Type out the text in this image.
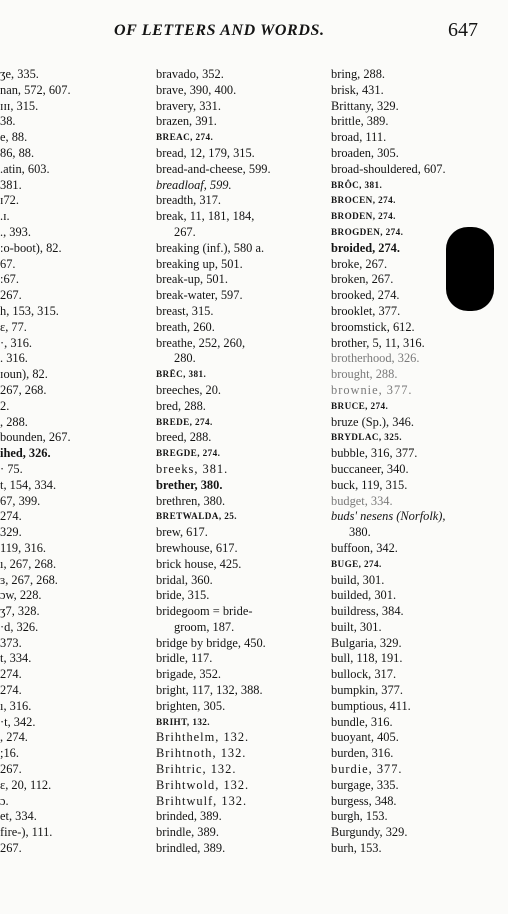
OF LETTERS AND WORDS.	647
ʒe, 335.
nan, 572, 607.
ɪɪɪ, 315.
38.
e, 88.
86, 88.
.atin, 603.
381.
ɪ72.
.ɪ.
., 393.
:o-boot), 82.
67.
:67.
267.
h, 153, 315.
ɛ, 77.
·, 316.
. 316.
ɪoun), 82.
267, 268.
2.
, 288.
bounden, 267.
ihed, 326.
· 75.
t, 154, 334.
67, 399.
274.
329.
119, 316.
ı, 267, 268.
ɜ, 267, 268.
ɔw, 228.
ʒ7, 328.
·d, 326.
373.
t, 334.
274.
274.
ı, 316.
·t, 342.
, 274.
;16.
267.
ɛ, 20, 112.
ɔ.
et, 334.
fire-), 111.
267.
bravado, 352.
brave, 390, 400.
bravery, 331.
brazen, 391.
BREAC, 274.
bread, 12, 179, 315.
bread-and-cheese, 599.
breadloaf, 599.
breadth, 317.
break, 11, 181, 184,
267.
breaking (inf.), 580 a.
breaking up, 501.
break-up, 501.
break-water, 597.
breast, 315.
breath, 260.
breathe, 252, 260,
280.
BRĒC, 381.
breeches, 20.
bred, 288.
BREDE, 274.
breed, 288.
BREGDE, 274.
breeks, 381.
brether, 380.
brethren, 380.
BRETWALDA, 25.
brew, 617.
brewhouse, 617.
brick house, 425.
bridal, 360.
bride, 315.
bridegoom = bride-
groom, 187.
bridge by bridge, 450.
bridle, 117.
brigade, 352.
bright, 117, 132, 388.
brighten, 305.
BRIHT, 132.
Brihthelm, 132.
Brihtnoth, 132.
Brihtric, 132.
Brihtwold, 132.
Brihtwulf, 132.
brinded, 389.
brindle, 389.
brindled, 389.
bring, 288.
brisk, 431.
Brittany, 329.
brittle, 389.
broad, 111.
broaden, 305.
broad-shouldered, 607.
BRÔC, 381.
BROCEN, 274.
BRODEN, 274.
BROGDEN, 274.
broided, 274.
broke, 267.
broken, 267.
brooked, 274.
brooklet, 377.
broomstick, 612.
brother, 5, 11, 316.
brotherhood, 326.
brought, 288.
brownie, 377.
BRUCE, 274.
bruze (Sp.), 346.
BRYDLAC, 325.
bubble, 316, 377.
buccaneer, 340.
buck, 119, 315.
budget, 334.
buds' nesens (Norfolk),
380.
buffoon, 342.
BUGE, 274.
build, 301.
builded, 301.
buildress, 384.
built, 301.
Bulgaria, 329.
bull, 118, 191.
bullock, 317.
bumpkin, 377.
bumptious, 411.
bundle, 316.
buoyant, 405.
burden, 316.
burdie, 377.
burgage, 335.
burgess, 348.
burgh, 153.
Burgundy, 329.
burh, 153.
